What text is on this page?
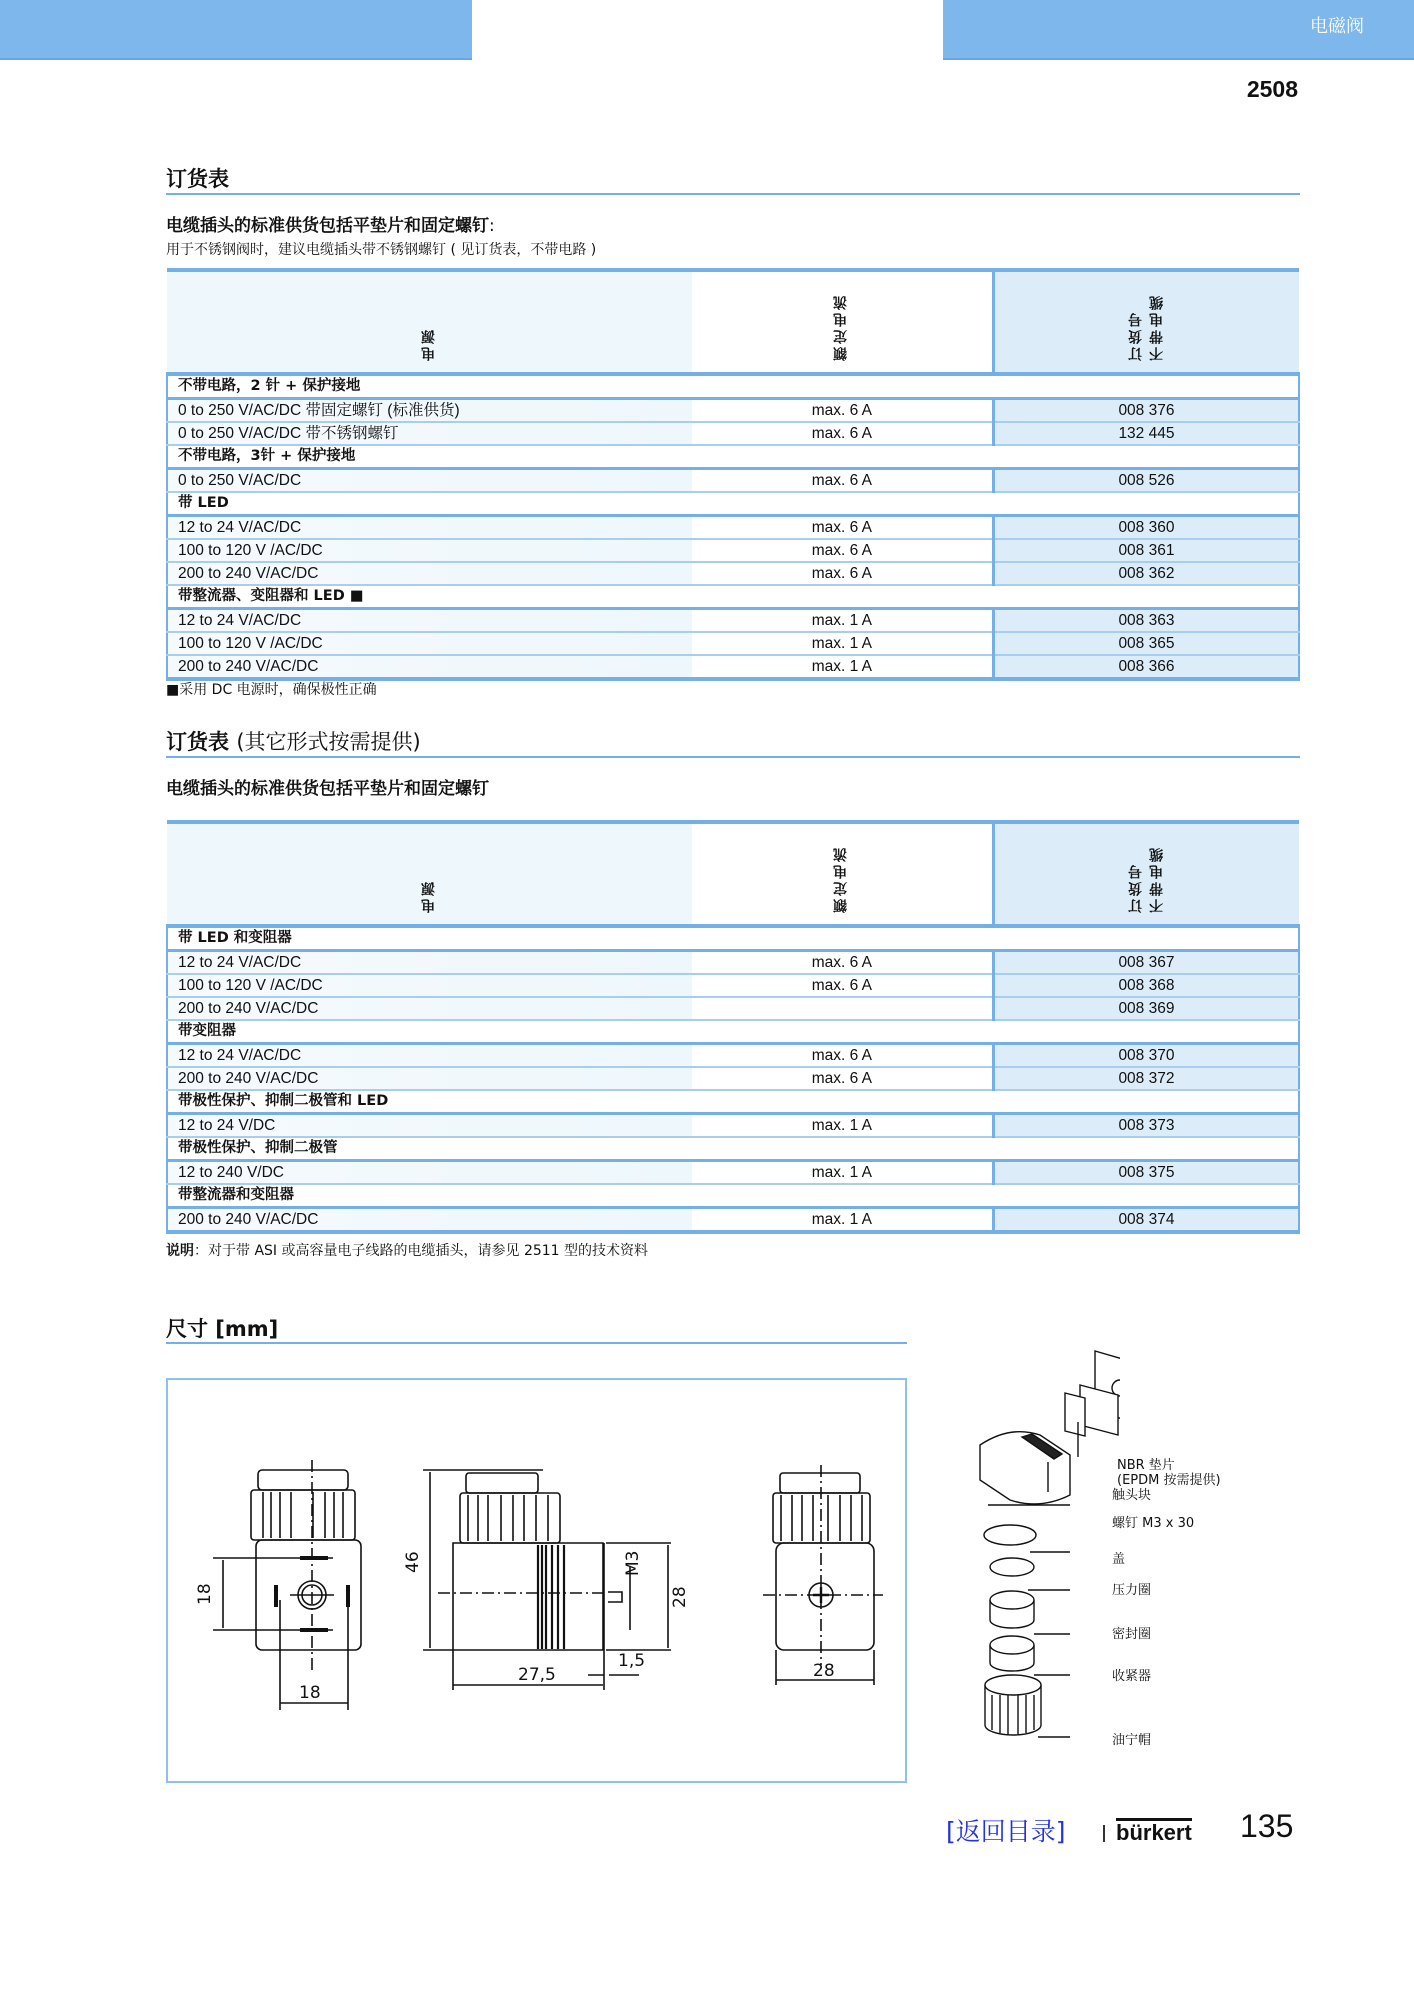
电磁阀
2508
订货表
电缆插头的标准供货包括平垫片和固定螺钉:
用于不锈钢阀时，建议电缆插头带不锈钢螺钉 ( 见订货表，不带电路 )
电源	额定电流	订货号 不带电缆
不带电路，2 针 + 保护接地		
0 to 250 V/AC/DC 带固定螺钉 (标准供货)	max. 6 A	008 376
0 to 250 V/AC/DC 带不锈钢螺钉	max. 6 A	132 445
不带电路，3针 + 保护接地		
0 to 250 V/AC/DC	max. 6 A	008 526
带 LED		
12 to 24 V/AC/DC	max. 6 A	008 360
100 to 120 V /AC/DC	max. 6 A	008 361
200 to 240 V/AC/DC	max. 6 A	008 362
带整流器、变阻器和 LED ■		
12 to 24 V/AC/DC	max. 1 A	008 363
100 to 120 V /AC/DC	max. 1 A	008 365
200 to 240 V/AC/DC	max. 1 A	008 366
■采用 DC 电源时，确保极性正确
订货表 (其它形式按需提供)
电缆插头的标准供货包括平垫片和固定螺钉
电源	额定电流	订货号 不带电缆
带 LED 和变阻器		
12 to 24 V/AC/DC	max. 6 A	008 367
100 to 120 V /AC/DC	max. 6 A	008 368
200 to 240 V/AC/DC		008 369
带变阻器		
12 to 24 V/AC/DC	max. 6 A	008 370
200 to 240 V/AC/DC	max. 6 A	008 372
带极性保护、抑制二极管和 LED		
12 to 24 V/DC	max. 1 A	008 373
带极性保护、抑制二极管		
12 to 240 V/DC	max. 1 A	008 375
带整流器和变阻器		
200 to 240 V/AC/DC	max. 1 A	008 374
说明：对于带 ASI 或高容量电子线路的电缆插头，请参见 2511 型的技术资料
尺寸 [mm]
18
18
46
27,5
1,5
M3
28
28
NBR 垫片
(EPDM 按需提供)
触头块
螺钉 M3 x 30
盖
压力圈
密封圈
收紧器
油宁帽
[返回目录] bürkert 135
